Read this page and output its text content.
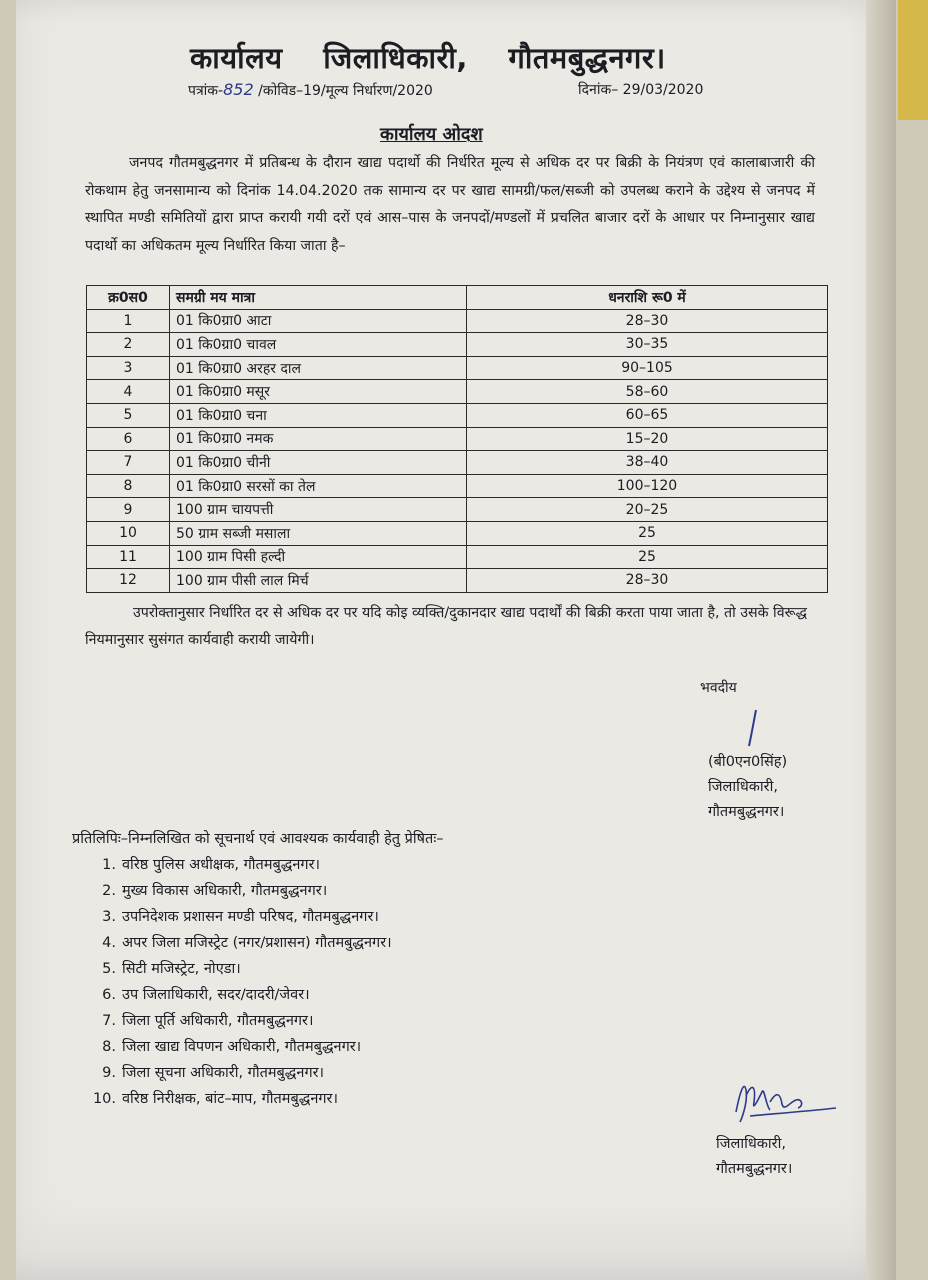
कार्यालय जिलाधिकारी, गौतमबुद्धनगर।
पत्रांक-852 /कोविड–19/मूल्य निर्धारण/2020	दिनांक– 29/03/2020
कार्यालय ओदश
जनपद गौतमबुद्धनगर में प्रतिबन्ध के दौरान खाद्य पदार्थो की निर्धरित मूल्य से अधिक दर पर बिक्री के नियंत्रण एवं कालाबाजारी की रोकथाम हेतु जनसामान्य को दिनांक 14.04.2020 तक सामान्य दर पर खाद्य सामग्री/फल/सब्जी को उपलब्ध कराने के उद्देश्य से जनपद में स्थापित मण्डी समितियों द्वारा प्राप्त करायी गयी दरों एवं आस–पास के जनपदों/मण्डलों में प्रचलित बाजार दरों के आधार पर निम्नानुसार खाद्य पदार्थो का अधिकतम मूल्य निर्धारित किया जाता है–
क्र0स0	समग्री मय मात्रा	धनराशि रू0 में
1	01 कि0ग्रा0 आटा	28–30
2	01 कि0ग्रा0 चावल	30–35
3	01 कि0ग्रा0 अरहर दाल	90–105
4	01 कि0ग्रा0 मसूर	58–60
5	01 कि0ग्रा0 चना	60–65
6	01 कि0ग्रा0 नमक	15–20
7	01 कि0ग्रा0 चीनी	38–40
8	01 कि0ग्रा0 सरसों का तेल	100–120
9	100 ग्राम चायपत्ती	20–25
10	50 ग्राम सब्जी मसाला	25
11	100 ग्राम पिसी हल्दी	25
12	100 ग्राम पीसी लाल मिर्च	28–30
उपरोक्तानुसार निर्धारित दर से अधिक दर पर यदि कोइ व्यक्ति/दुकानदार खाद्य पदार्थों की बिक्री करता पाया जाता है, तो उसके विरूद्ध नियमानुसार सुसंगत कार्यवाही करायी जायेगी।
भवदीय
(बी0एन0सिंह)
जिलाधिकारी,
गौतमबुद्धनगर।
प्रतिलिपिः–निम्नलिखित को सूचनार्थ एवं आवश्यक कार्यवाही हेतु प्रेषितः–
1. वरिष्ठ पुलिस अधीक्षक, गौतमबुद्धनगर।
2. मुख्य विकास अधिकारी, गौतमबुद्धनगर।
3. उपनिदेशक प्रशासन मण्डी परिषद, गौतमबुद्धनगर।
4. अपर जिला मजिस्ट्रेट (नगर/प्रशासन) गौतमबुद्धनगर।
5. सिटी मजिस्ट्रेट, नोएडा।
6. उप जिलाधिकारी, सदर/दादरी/जेवर।
7. जिला पूर्ति अधिकारी, गौतमबुद्धनगर।
8. जिला खाद्य विपणन अधिकारी, गौतमबुद्धनगर।
9. जिला सूचना अधिकारी, गौतमबुद्धनगर।
10. वरिष्ठ निरीक्षक, बांट–माप, गौतमबुद्धनगर।
जिलाधिकारी,
गौतमबुद्धनगर।
